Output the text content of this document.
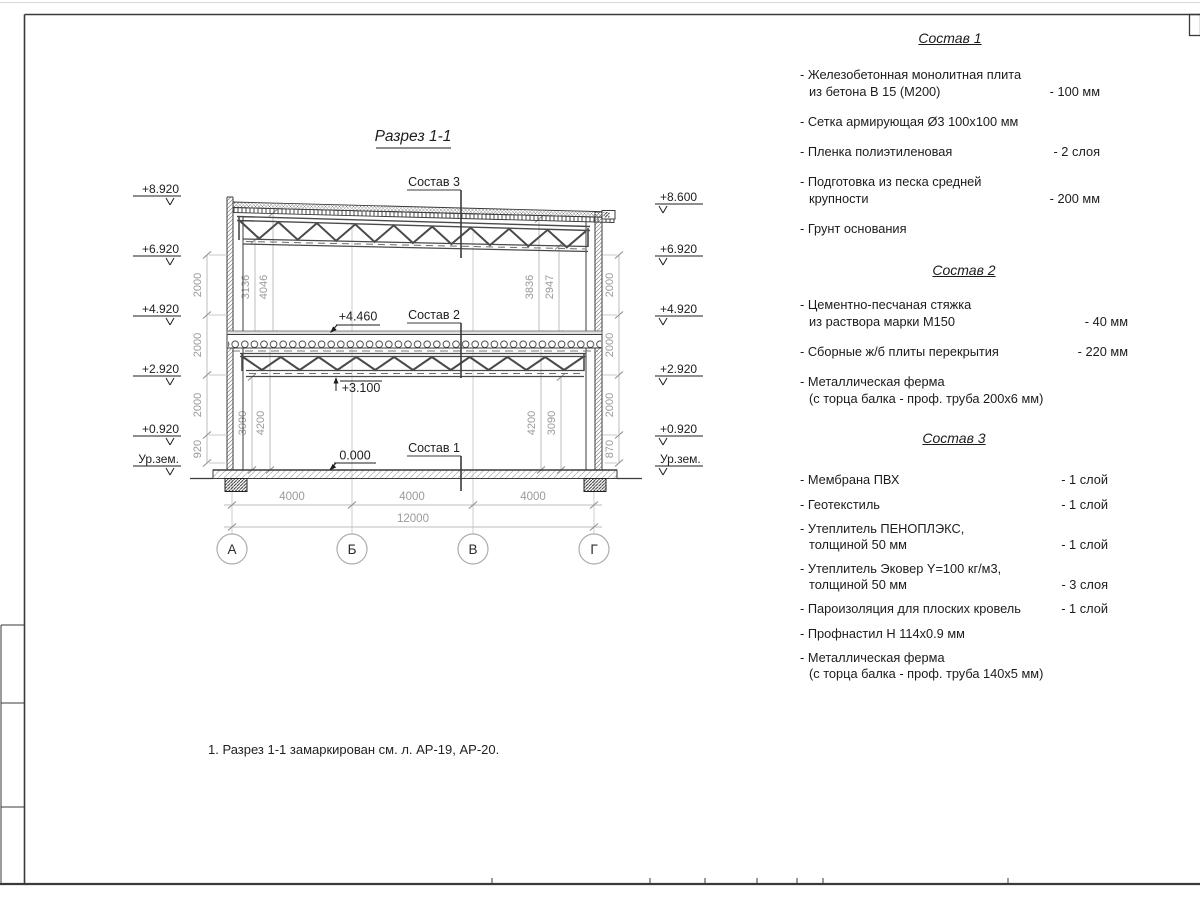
3136 4046	3836 2947
3090 4200	4200 3090
Состав 3
Состав 2
Состав 1
+4.460
+3.100
0.000
2000
2000
2000
920
2000
2000
2000
870
+8.920
+6.920
+4.920
+2.920
+0.920
Ур.зем.
+8.600
+6.920
+4.920
+2.920
+0.920
Ур.зем.
4000	4000	4000
12000
А	Б	В	Г
Разрез 1-1
Состав 1
- Железобетонная монолитная плита
из бетона В 15 (М200)	- 100 мм
- Сетка армирующая Ø3 100х100 мм
- Пленка полиэтиленовая	- 2 слоя
- Подготовка из песка средней
крупности	- 200 мм
- Грунт основания
Состав 2
- Цементно-песчаная стяжка
из раствора марки М150	- 40 мм
- Сборные ж/б плиты перекрытия	- 220 мм
- Металлическая ферма
(с торца балка - проф. труба 200х6 мм)
Состав 3
- Мембрана ПВХ	- 1 слой
- Геотекстиль	- 1 слой
- Утеплитель ПЕНОПЛЭКС,
толщиной 50 мм	- 1 слой
- Утеплитель Эковер Y=100 кг/м3,
толщиной 50 мм	- 3 слоя
- Пароизоляция для плоских кровель	- 1 слой
- Профнастил Н 114х0.9 мм
- Металлическая ферма
(с торца балка - проф. труба 140х5 мм)
1. Разрез 1-1 замаркирован см. л. АР-19, АР-20.
